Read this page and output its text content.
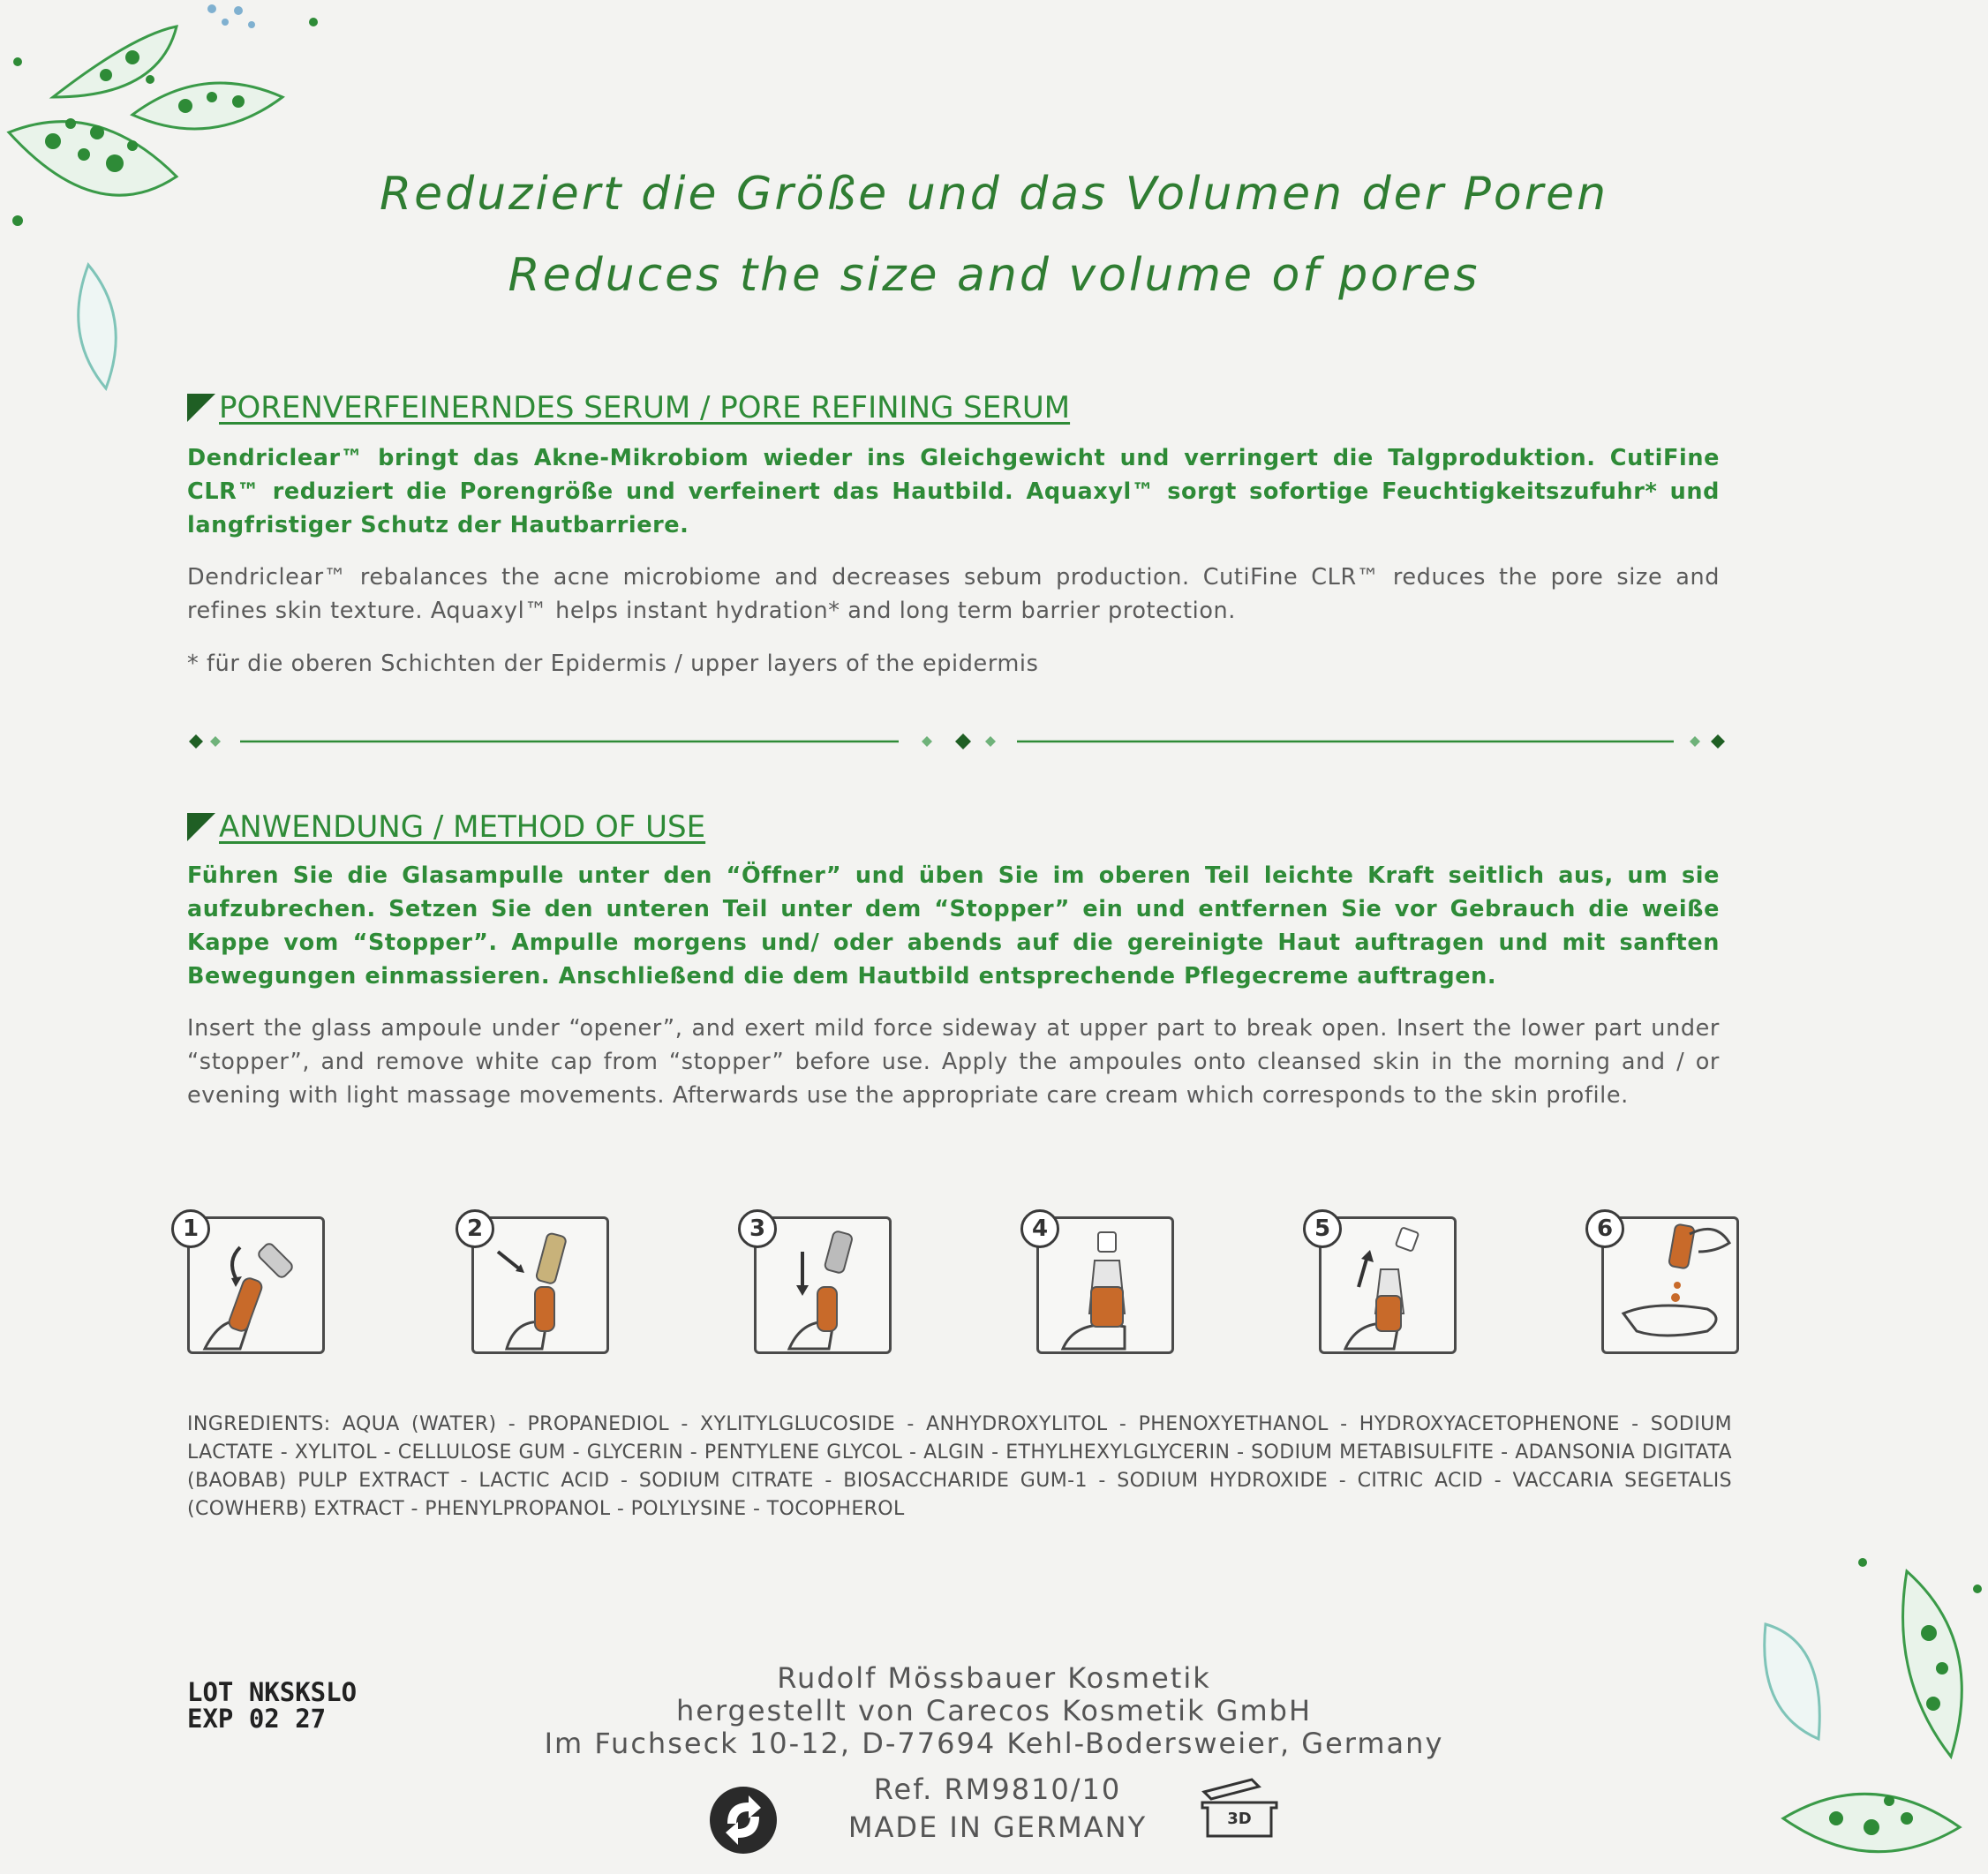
Reduziert die Größe und das Volumen der Poren
Reduces the size and volume of pores
PORENVERFEINERNDES SERUM / PORE REFINING SERUM
Dendriclear™ bringt das Akne-Mikrobiom wieder ins Gleichgewicht und verringert die Talgproduktion. CutiFine CLR™ reduziert die Porengröße und verfeinert das Hautbild. Aquaxyl™ sorgt sofortige Feuchtigkeitszufuhr* und langfristiger Schutz der Hautbarriere.
Dendriclear™ rebalances the acne microbiome and decreases sebum production. CutiFine CLR™ reduces the pore size and refines skin texture. Aquaxyl™ helps instant hydration* and long term barrier protection.
* für die oberen Schichten der Epidermis / upper layers of the epidermis
ANWENDUNG / METHOD OF USE
Führen Sie die Glasampulle unter den “Öffner” und üben Sie im oberen Teil leichte Kraft seitlich aus, um sie aufzubrechen. Setzen Sie den unteren Teil unter dem “Stopper” ein und entfernen Sie vor Gebrauch die weiße Kappe vom “Stopper”. Ampulle morgens und/ oder abends auf die gereinigte Haut auftragen und mit sanften Bewegungen einmassieren. Anschließend die dem Hautbild entsprechende Pflegecreme auftragen.
Insert the glass ampoule under “opener”, and exert mild force sideway at upper part to break open. Insert the lower part under “stopper”, and remove white cap from “stopper” before use. Apply the ampoules onto cleansed skin in the morning and / or evening with light massage movements. Afterwards use the appropriate care cream which corresponds to the skin profile.
1	2	3	4	5	6
INGREDIENTS: AQUA (WATER) - PROPANEDIOL - XYLITYLGLUCOSIDE - ANHYDROXYLITOL - PHENOXYETHANOL - HYDROXYACETOPHENONE - SODIUM LACTATE - XYLITOL - CELLULOSE GUM - GLYCERIN - PENTYLENE GLYCOL - ALGIN - ETHYLHEXYLGLYCERIN - SODIUM METABISULFITE - ADANSONIA DIGITATA (BAOBAB) PULP EXTRACT - LACTIC ACID - SODIUM CITRATE - BIOSACCHARIDE GUM-1 - SODIUM HYDROXIDE - CITRIC ACID - VACCARIA SEGETALIS (COWHERB) EXTRACT - PHENYLPROPANOL - POLYLYSINE - TOCOPHEROL
LOT NKSKSLO
EXP 02 27
Rudolf Mössbauer Kosmetik
hergestellt von Carecos Kosmetik GmbH
Im Fuchseck 10-12, D-77694 Kehl-Bodersweier, Germany
Ref. RM9810/10
MADE IN GERMANY	3D
